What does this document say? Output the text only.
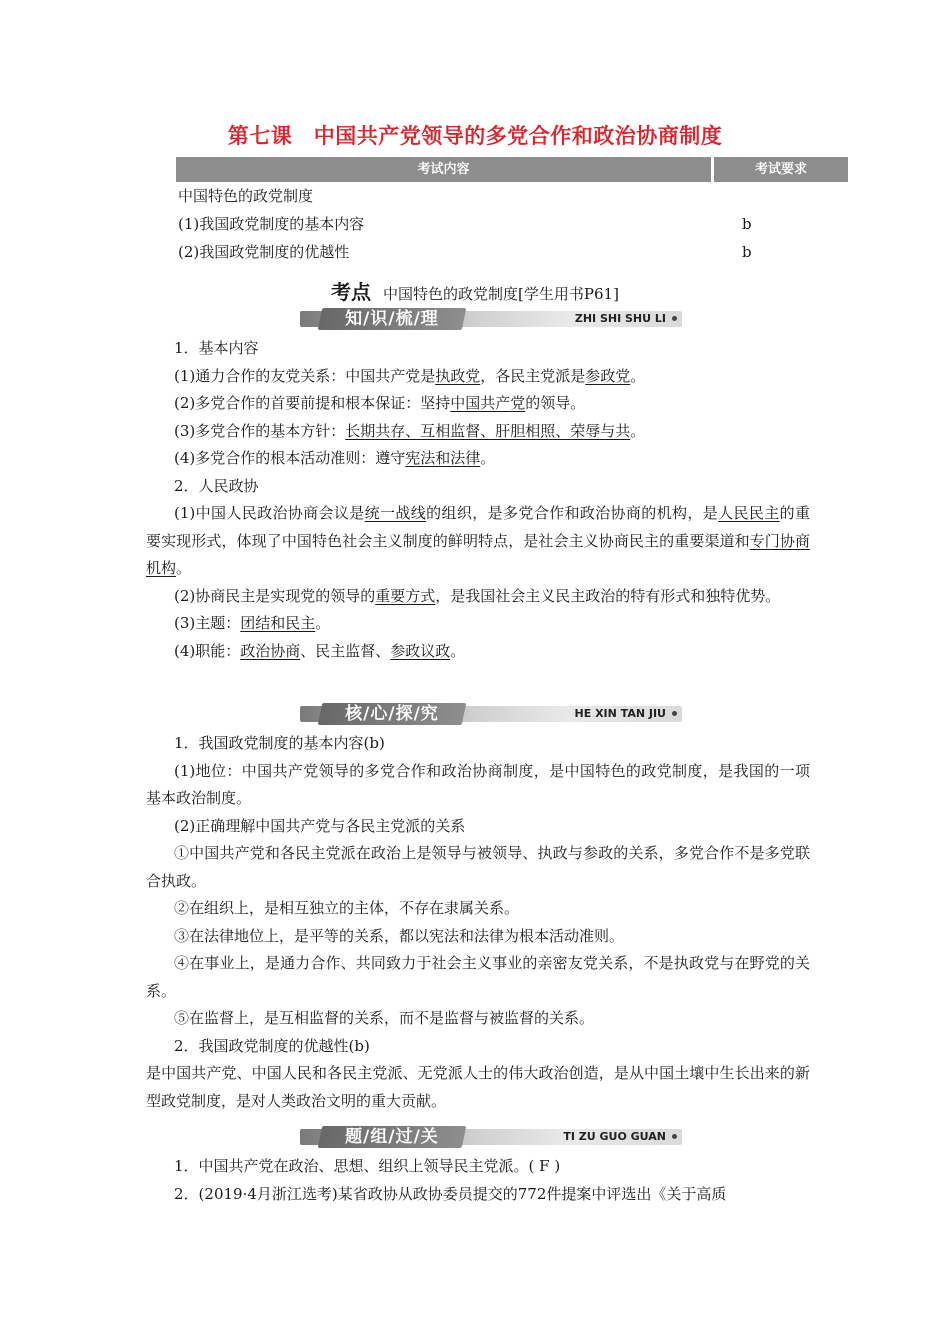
第七课　中国共产党领导的多党合作和政治协商制度
考试内容	考试要求
中国特色的政党制度
(1)我国政党制度的基本内容	b
(2)我国政党制度的优越性	b
考点 中国特色的政党制度[学生用书P61]
知/识/梳/理	ZHI SHI SHU LI
1．基本内容
(1)通力合作的友党关系：中国共产党是执政党，各民主党派是参政党。
(2)多党合作的首要前提和根本保证：坚持中国共产党的领导。
(3)多党合作的基本方针：长期共存、互相监督、肝胆相照、荣辱与共。
(4)多党合作的根本活动准则：遵守宪法和法律。
2．人民政协
(1)中国人民政治协商会议是统一战线的组织，是多党合作和政治协商的机构，是人民民主的重要实现形式，体现了中国特色社会主义制度的鲜明特点，是社会主义协商民主的重要渠道和专门协商机构。
(2)协商民主是实现党的领导的重要方式，是我国社会主义民主政治的特有形式和独特优势。
(3)主题：团结和民主。
(4)职能：政治协商、民主监督、参政议政。
核/心/探/究	HE XIN TAN JIU
1．我国政党制度的基本内容(b)
(1)地位：中国共产党领导的多党合作和政治协商制度，是中国特色的政党制度，是我国的一项基本政治制度。
(2)正确理解中国共产党与各民主党派的关系
①中国共产党和各民主党派在政治上是领导与被领导、执政与参政的关系，多党合作不是多党联合执政。
②在组织上，是相互独立的主体，不存在隶属关系。
③在法律地位上，是平等的关系，都以宪法和法律为根本活动准则。
④在事业上，是通力合作、共同致力于社会主义事业的亲密友党关系，不是执政党与在野党的关系。
⑤在监督上，是互相监督的关系，而不是监督与被监督的关系。
2．我国政党制度的优越性(b)
是中国共产党、中国人民和各民主党派、无党派人士的伟大政治创造，是从中国土壤中生长出来的新型政党制度，是对人类政治文明的重大贡献。
题/组/过/关	TI ZU GUO GUAN
1．中国共产党在政治、思想、组织上领导民主党派。( F )
2．(2019·4月浙江选考)某省政协从政协委员提交的772件提案中评选出《关于高质
